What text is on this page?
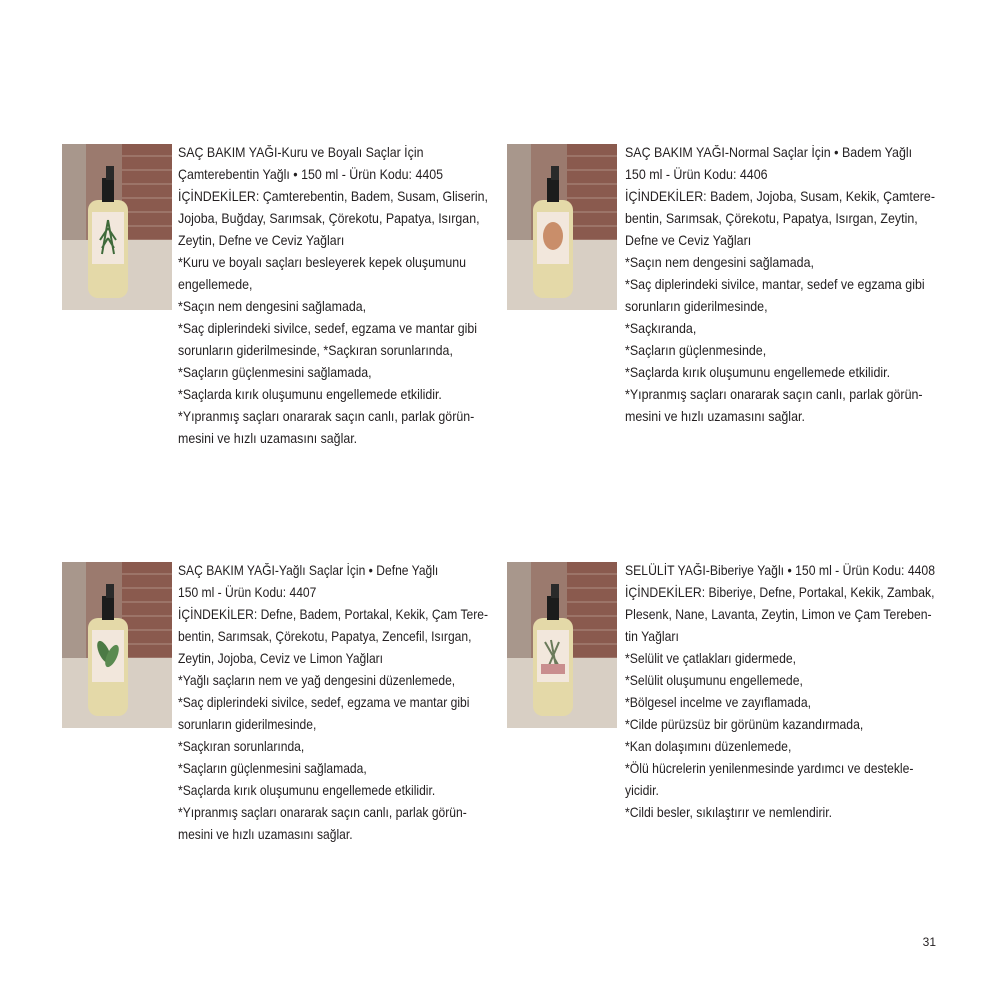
SAÇ BAKIM YAĞI-Kuru ve Boyalı Saçlar İçin

Çamterebentin Yağlı • 150 ml - Ürün Kodu: 4405

İÇİNDEKİLER: Çamterebentin, Badem, Susam, Gliserin,

Jojoba, Buğday, Sarımsak, Çörekotu, Papatya, Isırgan,

Zeytin, Defne ve Ceviz Yağları

*Kuru ve boyalı saçları besleyerek kepek oluşumunu

engellemede,

*Saçın nem dengesini sağlamada,

*Saç diplerindeki sivilce, sedef, egzama ve mantar gibi

sorunların giderilmesinde, *Saçkıran sorunlarında,

*Saçların güçlenmesini sağlamada,

*Saçlarda kırık oluşumunu engellemede etkilidir.

*Yıpranmış saçları onararak saçın canlı, parlak görün-

mesini ve hızlı uzamasını sağlar.

SAÇ BAKIM YAĞI-Normal Saçlar İçin • Badem Yağlı

150 ml - Ürün Kodu: 4406

İÇİNDEKİLER: Badem, Jojoba, Susam, Kekik, Çamtere-

bentin, Sarımsak, Çörekotu, Papatya, Isırgan, Zeytin,

Defne ve Ceviz Yağları

*Saçın nem dengesini sağlamada,

*Saç diplerindeki sivilce, mantar, sedef ve egzama gibi

sorunların giderilmesinde,

*Saçkıranda,

*Saçların güçlenmesinde,

*Saçlarda kırık oluşumunu engellemede etkilidir.

*Yıpranmış saçları onararak saçın canlı, parlak görün-

mesini ve hızlı uzamasını sağlar.

SAÇ BAKIM YAĞI-Yağlı Saçlar İçin • Defne Yağlı

150 ml - Ürün Kodu: 4407

İÇİNDEKİLER: Defne, Badem, Portakal, Kekik, Çam Tere-

bentin, Sarımsak, Çörekotu, Papatya, Zencefil, Isırgan,

Zeytin, Jojoba, Ceviz ve Limon Yağları

*Yağlı saçların nem ve yağ dengesini düzenlemede,

*Saç diplerindeki sivilce, sedef, egzama ve mantar gibi

sorunların giderilmesinde,

*Saçkıran sorunlarında,

*Saçların güçlenmesini sağlamada,

*Saçlarda kırık oluşumunu engellemede etkilidir.

*Yıpranmış saçları onararak saçın canlı, parlak görün-

mesini ve hızlı uzamasını sağlar.

SELÜLİT YAĞI-Biberiye Yağlı • 150 ml - Ürün Kodu: 4408

İÇİNDEKİLER: Biberiye, Defne, Portakal, Kekik, Zambak,

Plesenk, Nane, Lavanta, Zeytin, Limon ve Çam Tereben-

tin Yağları

*Selülit ve çatlakları gidermede,

*Selülit oluşumunu engellemede,

*Bölgesel incelme ve zayıflamada,

*Cilde pürüzsüz bir görünüm kazandırmada,

*Kan dolaşımını düzenlemede,

*Ölü hücrelerin yenilenmesinde yardımcı ve destekle-

yicidir.

*Cildi besler, sıkılaştırır ve nemlendirir.

31
